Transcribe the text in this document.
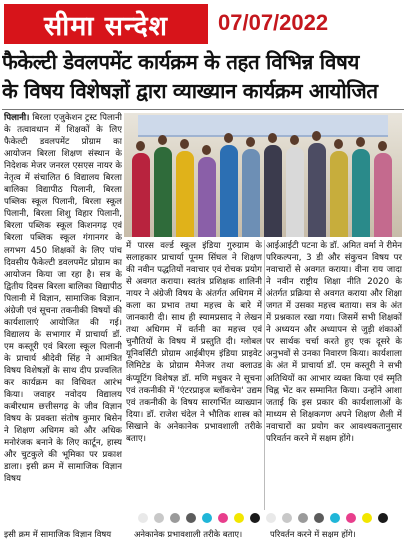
सीमा सन्देश 07/07/2022
फैकेल्टी डेवलपमेंट कार्यक्रम के तहत विभिन्न विषय
के विषय विशेषज्ञों द्वारा व्याख्यान कार्यक्रम आयोजित
पिलानी। बिरला एजुकेशन ट्रस्ट पिलानी के तत्वावधान में शिक्षकों के लिए फैकेल्टी डवलपमेंट प्रोग्राम का आयोजन बिरला शिक्षण संस्थान के निदेशक मेजर जनरल एसएस नायर के नेतृत्व में संचालित 6 विद्यालय बिरला बालिका विद्यापीठ पिलानी, बिरला पब्लिक स्कूल पिलानी, बिरला स्कूल पिलानी, बिरला शिशु विहार पिलानी, बिरला पब्लिक स्कूल किशनगढ़ एवं बिरला पब्लिक स्कूल गंगानगर के लगभग 450 शिक्षकों के लिए पांच दिवसीय फैकेल्टी डवलपमेंट प्रोग्राम का आयोजन किया जा रहा है। सत्र के द्वितीय दिवस बिरला बालिका विद्यापीठ पिलानी में विज्ञान, सामाजिक विज्ञान, अंग्रेजी एवं सूचना तकनीकी विषयों की कार्यशालाएं आयोजित की गई। विद्यालय के सभागार में प्राचार्या डॉ. एम कस्तूरी एवं बिरला स्कूल पिलानी के प्राचार्य श्रीदेवी सिंह ने आमंत्रित विषय विशेषज्ञों के साथ दीप प्रज्वलित कर कार्यक्रम का विधिवत आरंभ किया। जवाहर नवोदय विद्यालय कबीरधाम छत्तीसगढ़ के जीव विज्ञान विषय के प्रवक्ता संतोष कुमार बिसेन ने शिक्षण अधिगम को और अधिक मनोरंजक बनाने के लिए कार्टून, हास्य और चुटकुले की भूमिका पर प्रकाश डाला। इसी क्रम में सामाजिक विज्ञान विषय
में पारस वर्ल्ड स्कूल इंडिया गुरुग्राम के सलाहकार प्राचार्या पूनम सिंघल ने शिक्षण की नवीन पद्धतियों नवाचार एवं रोचक प्रयोग से अवगत कराया। स्वतंत्र प्रशिक्षक शालिनी नायर ने अंग्रेजी विषय के अंतर्गत अधिगम में कला का प्रभाव तथा महत्त्व के बारे में जानकारी दी। साथ ही स्यामप्रसाद ने लेखन तथा अधिगम में वर्तनी का महत्त्व एवं चुनौतियों के विषय में प्रस्तुति दी। ग्लोबल यूनिवर्सिटी प्रोग्राम आईबीएम इंडिया प्राइवेट लिमिटेड के प्रोग्राम मैनेजर तथा क्लाउड कंप्यूटिंग विशेषज्ञ डॉ. मणि मधुकर ने सूचना एवं तकनीकी में 'एंटरप्राइज ब्लॉकचेन' उद्यम एवं तकनीकी के विषय सारगर्भित व्याख्यान दिया। डॉ. राजेश चंदेल ने भौतिक शास्त्र को सिखाने के अनेकानेक प्रभावशाली तरीके बताए।
आईआईटी पटना के डॉ. अमित वर्मा ने रीमेन परिकल्पना, 3 डी और संकुचन विषय पर नवाचारों से अवगत कराया। वीना राय जादा ने नवीन राष्ट्रीय शिक्षा नीति 2020 के अंतर्गत प्रक्रिया से अवगत कराया और शिक्षा जगत में उसका महत्त्व बताया। सत्र के अंत में प्रश्नकाल रखा गया। जिसमें सभी शिक्षकों ने अध्ययन और अध्यापन से जुड़ी शंकाओं पर सार्थक चर्चा करते हुए एक दूसरे के अनुभवों से उनका निवारण किया। कार्यशाला के अंत में प्राचार्या डॉ. एम कस्तूरी ने सभी अतिथियों का आभार व्यक्त किया एवं स्मृति चिह्न भेंट कर सम्मानित किया। उन्होंने आशा जताई कि इस प्रकार की कार्यशालाओं के माध्यम से शिक्षकगण अपने शिक्षण शैली में नवाचारों का प्रयोग कर आवश्यकतानुसार परिवर्तन करने में सक्षम होंगे।
इसी क्रम में सामाजिक विज्ञान विषय	अनेकानेक प्रभावशाली तरीके बताए।	परिवर्तन करने में सक्षम होंगे।
